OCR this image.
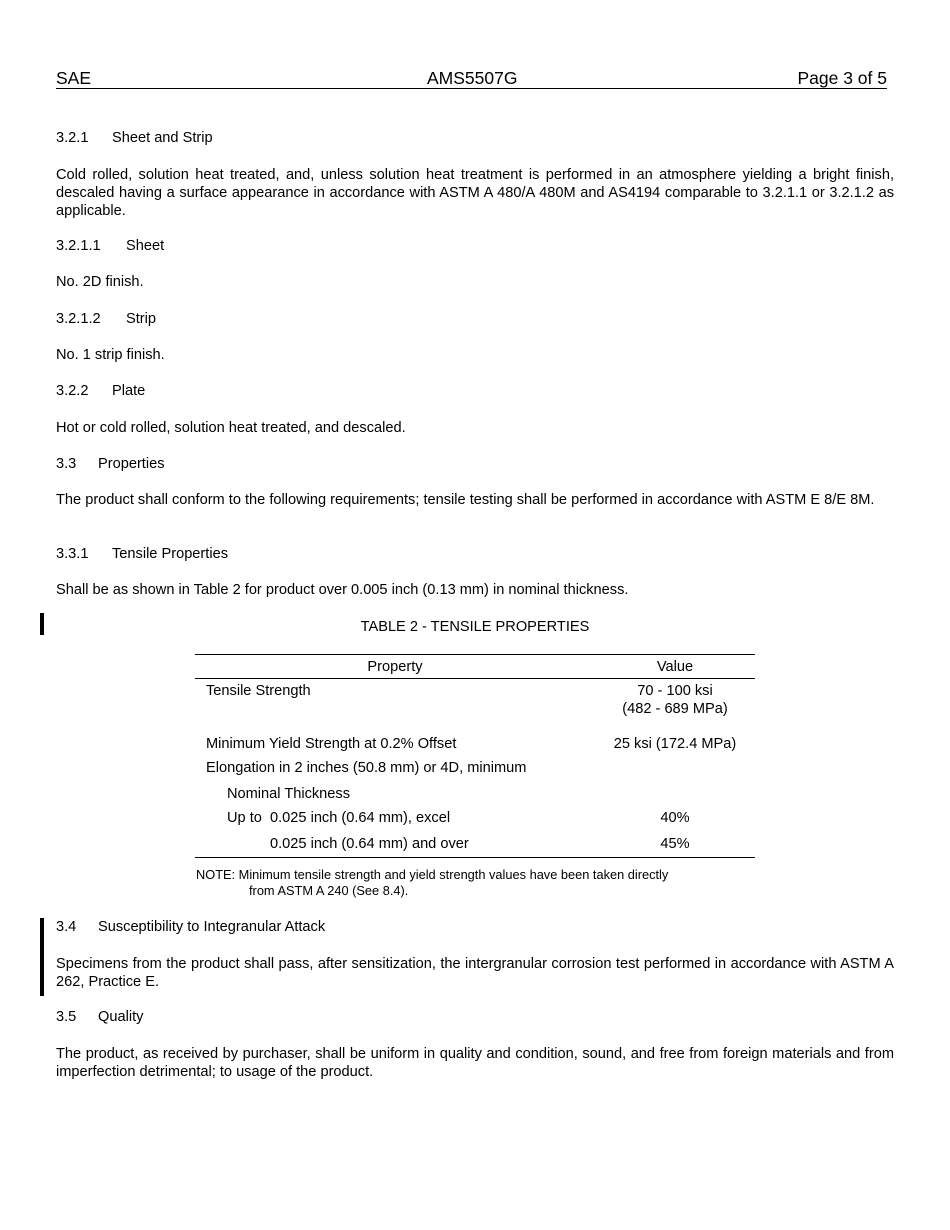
SAE	AMS5507G	Page 3 of 5
3.2.1 Sheet and Strip
Cold rolled, solution heat treated, and, unless solution heat treatment is performed in an atmosphere yielding a bright finish, descaled having a surface appearance in accordance with ASTM A 480/A 480M and AS4194 comparable to 3.2.1.1 or 3.2.1.2 as applicable.
3.2.1.1 Sheet
No. 2D finish.
3.2.1.2 Strip
No. 1 strip finish.
3.2.2 Plate
Hot or cold rolled, solution heat treated, and descaled.
3.3 Properties
The product shall conform to the following requirements; tensile testing shall be performed in accordance with ASTM E 8/E 8M.
3.3.1 Tensile Properties
Shall be as shown in Table 2 for product over 0.005 inch (0.13 mm) in nominal thickness.
TABLE 2 - TENSILE PROPERTIES
Property	Value
Tensile Strength	70 - 100 ksi
(482 - 689 MPa)
Minimum Yield Strength at 0.2% Offset	25 ksi (172.4 MPa)
Elongation in 2 inches (50.8 mm) or 4D, minimum
Nominal Thickness
Up to 0.025 inch (0.64 mm), excel	40%
0.025 inch (0.64 mm) and over	45%
NOTE: Minimum tensile strength and yield strength values have been taken directly
from ASTM A 240 (See 8.4).
3.4 Susceptibility to Integranular Attack
Specimens from the product shall pass, after sensitization, the intergranular corrosion test performed in accordance with ASTM A 262, Practice E.
3.5 Quality
The product, as received by purchaser, shall be uniform in quality and condition, sound, and free from foreign materials and from imperfection detrimental; to usage of the product.
